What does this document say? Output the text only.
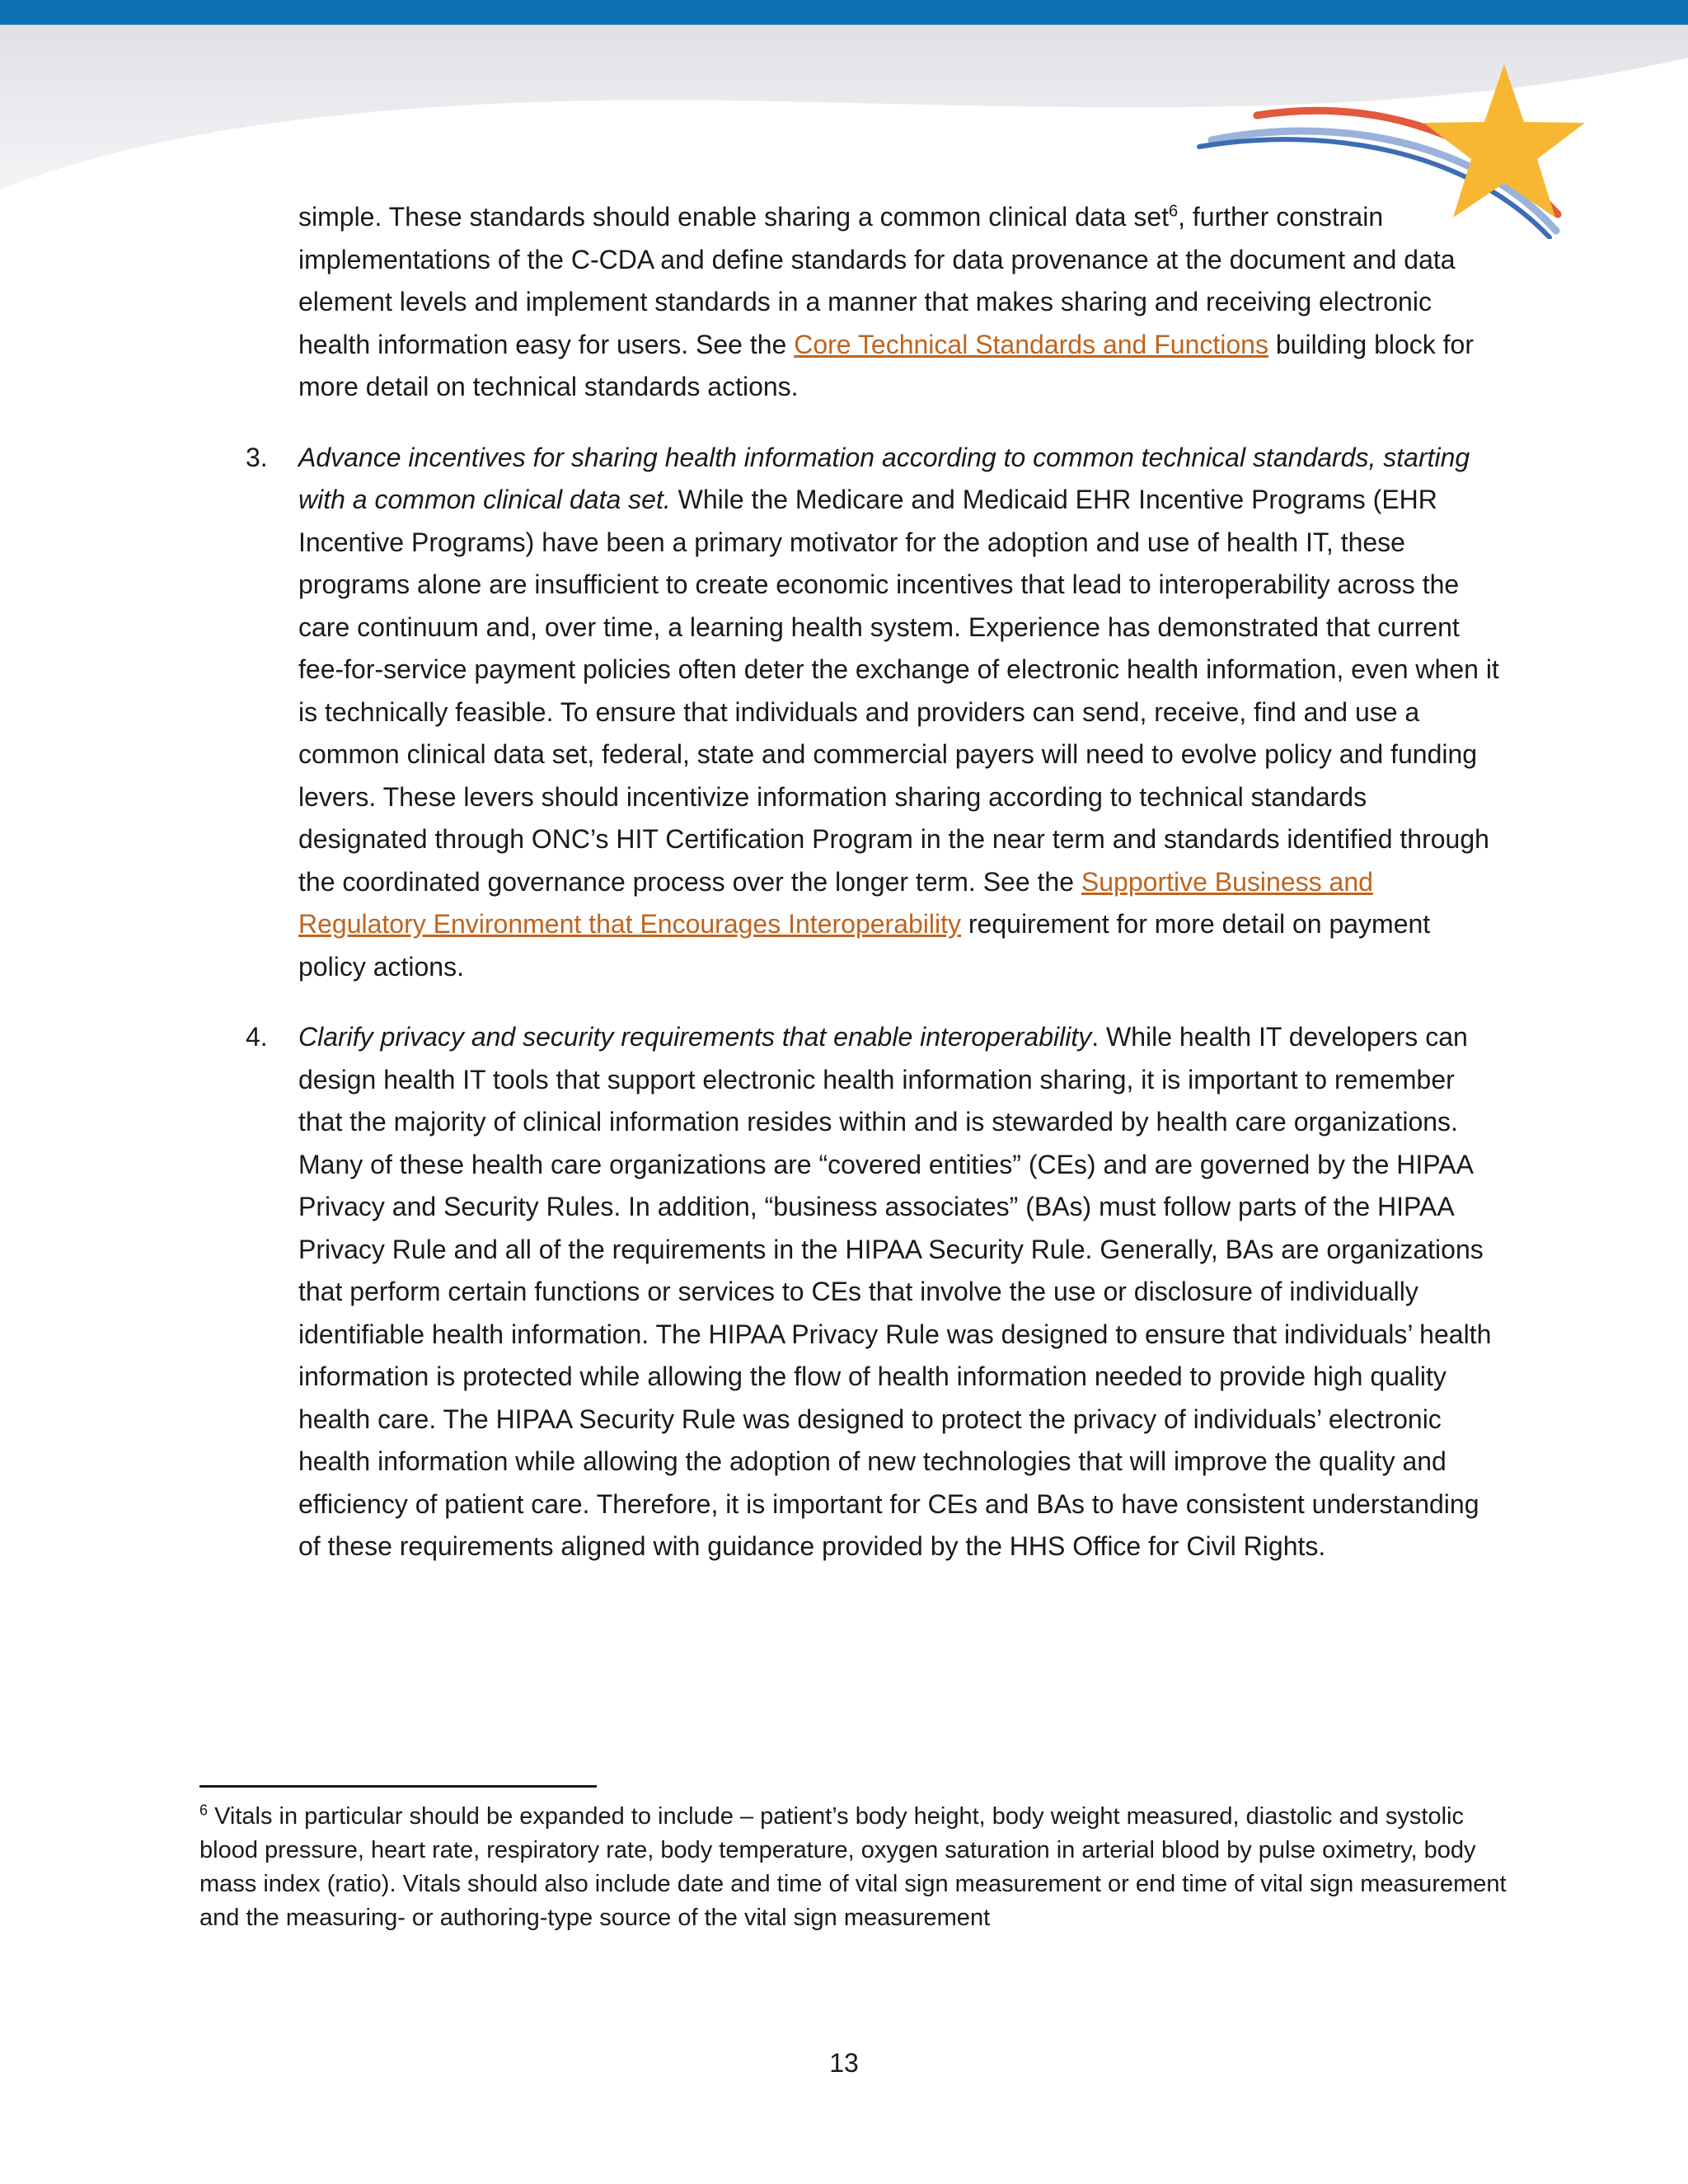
simple. These standards should enable sharing a common clinical data set$^6$, further constrain implementations of the C-CDA and define standards for data provenance at the document and data element levels and implement standards in a manner that makes sharing and receiving electronic health information easy for users. See the Core Technical Standards and Functions building block for more detail on technical standards actions.

3. Advance incentives for sharing health information according to common technical standards, starting with a common clinical data set. While the Medicare and Medicaid EHR Incentive Programs (EHR Incentive Programs) have been a primary motivator for the adoption and use of health IT, these programs alone are insufficient to create economic incentives that lead to interoperability across the care continuum and, over time, a learning health system. Experience has demonstrated that current fee-for-service payment policies often deter the exchange of electronic health information, even when it is technically feasible. To ensure that individuals and providers can send, receive, find and use a common clinical data set, federal, state and commercial payers will need to evolve policy and funding levers. These levers should incentivize information sharing according to technical standards designated through ONC’s HIT Certification Program in the near term and standards identified through the coordinated governance process over the longer term. See the Supportive Business and Regulatory Environment that Encourages Interoperability requirement for more detail on payment policy actions.
4. Clarify privacy and security requirements that enable interoperability. While health IT developers can design health IT tools that support electronic health information sharing, it is important to remember that the majority of clinical information resides within and is stewarded by health care organizations. Many of these health care organizations are “covered entities” (CEs) and are governed by the HIPAA Privacy and Security Rules. In addition, “business associates” (BAs) must follow parts of the HIPAA Privacy Rule and all of the requirements in the HIPAA Security Rule. Generally, BAs are organizations that perform certain functions or services to CEs that involve the use or disclosure of individually identifiable health information. The HIPAA Privacy Rule was designed to ensure that individuals’ health information is protected while allowing the flow of health information needed to provide high quality health care. The HIPAA Security Rule was designed to protect the privacy of individuals’ electronic health information while allowing the adoption of new technologies that will improve the quality and efficiency of patient care. Therefore, it is important for CEs and BAs to have consistent understanding of these requirements aligned with guidance provided by the HHS Office for Civil Rights.
$^6$ Vitals in particular should be expanded to include – patient’s body height, body weight measured, diastolic and systolic blood pressure, heart rate, respiratory rate, body temperature, oxygen saturation in arterial blood by pulse oximetry, body mass index (ratio). Vitals should also include date and time of vital sign measurement or end time of vital sign measurement and the measuring- or authoring-type source of the vital sign measurement
13
